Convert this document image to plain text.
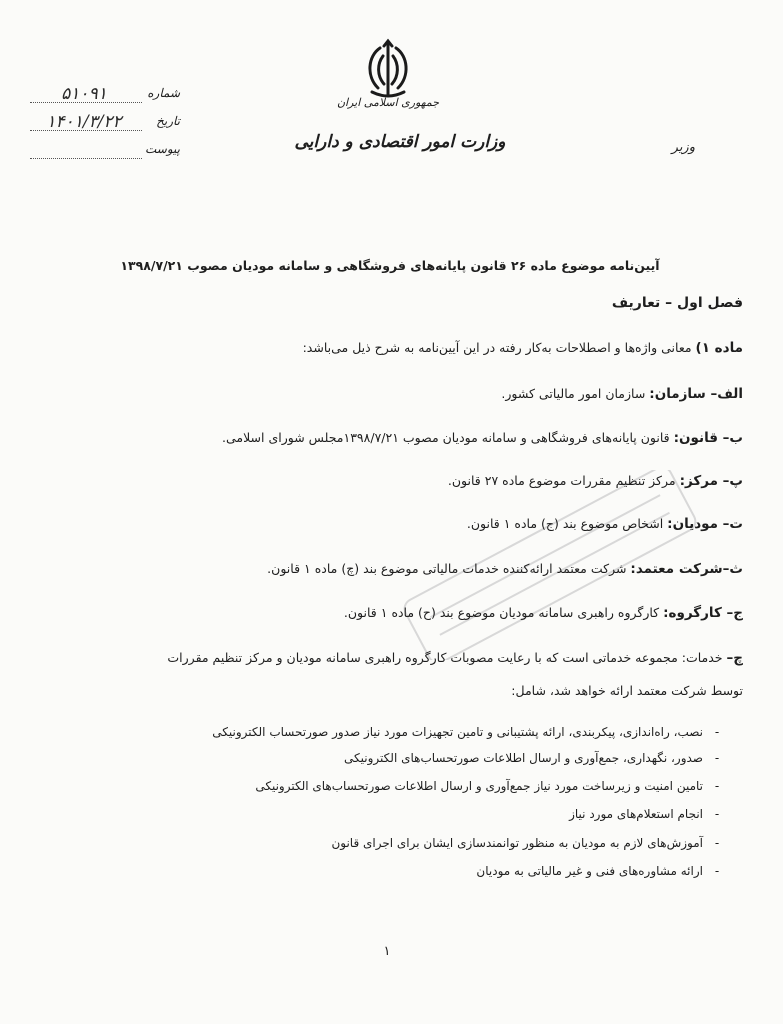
جمهوری اسلامی ایران
وزارت امور اقتصادی و دارایی	وزیر
۵۱۰۹۱	شماره
۱۴۰۱/۳/۲۲	تاریخ
پیوست
آیین‌نامه موضوع ماده ۲۶ قانون پایانه‌های فروشگاهی و سامانه مودیان مصوب ۱۳۹۸/۷/۲۱
فصل اول – تعاریف
ماده ۱) معانی واژه‌ها و اصطلاحات به‌کار رفته در این آیین‌نامه به شرح ذیل می‌باشد:
الف– سازمان: سازمان امور مالیاتی کشور.
ب– قانون: قانون پایانه‌های فروشگاهی و سامانه مودیان مصوب ۱۳۹۸/۷/۲۱مجلس شورای اسلامی.
پ– مرکز: مرکز تنظیم مقررات موضوع ماده ۲۷ قانون.
ت– مودیان: اشخاص موضوع بند (ج) ماده ۱ قانون.
ث–شرکت معتمد: شرکت معتمد ارائه‌کننده خدمات مالیاتی موضوع بند (چ) ماده ۱ قانون.
ج– کارگروه: کارگروه راهبری سامانه مودیان موضوع بند (ح) ماده ۱ قانون.
چ– خدمات: مجموعه خدماتی است که با رعایت مصوبات کارگروه راهبری سامانه مودیان و مرکز تنظیم مقررات
توسط شرکت معتمد ارائه خواهد شد، شامل:
-نصب، راه‌اندازی، پیکربندی، ارائه پشتیبانی و تامین تجهیزات مورد نیاز صدور صورتحساب الکترونیکی
-صدور، نگهداری، جمع‌آوری و ارسال اطلاعات صورتحساب‌های الکترونیکی
-تامین امنیت و زیرساخت مورد نیاز جمع‌آوری و ارسال اطلاعات صورتحساب‌های الکترونیکی
-انجام استعلام‌های مورد نیاز
-آموزش‌های لازم به مودیان به منظور توانمندسازی ایشان برای اجرای قانون
-ارائه مشاوره‌های فنی و غیر مالیاتی به مودیان
۱
